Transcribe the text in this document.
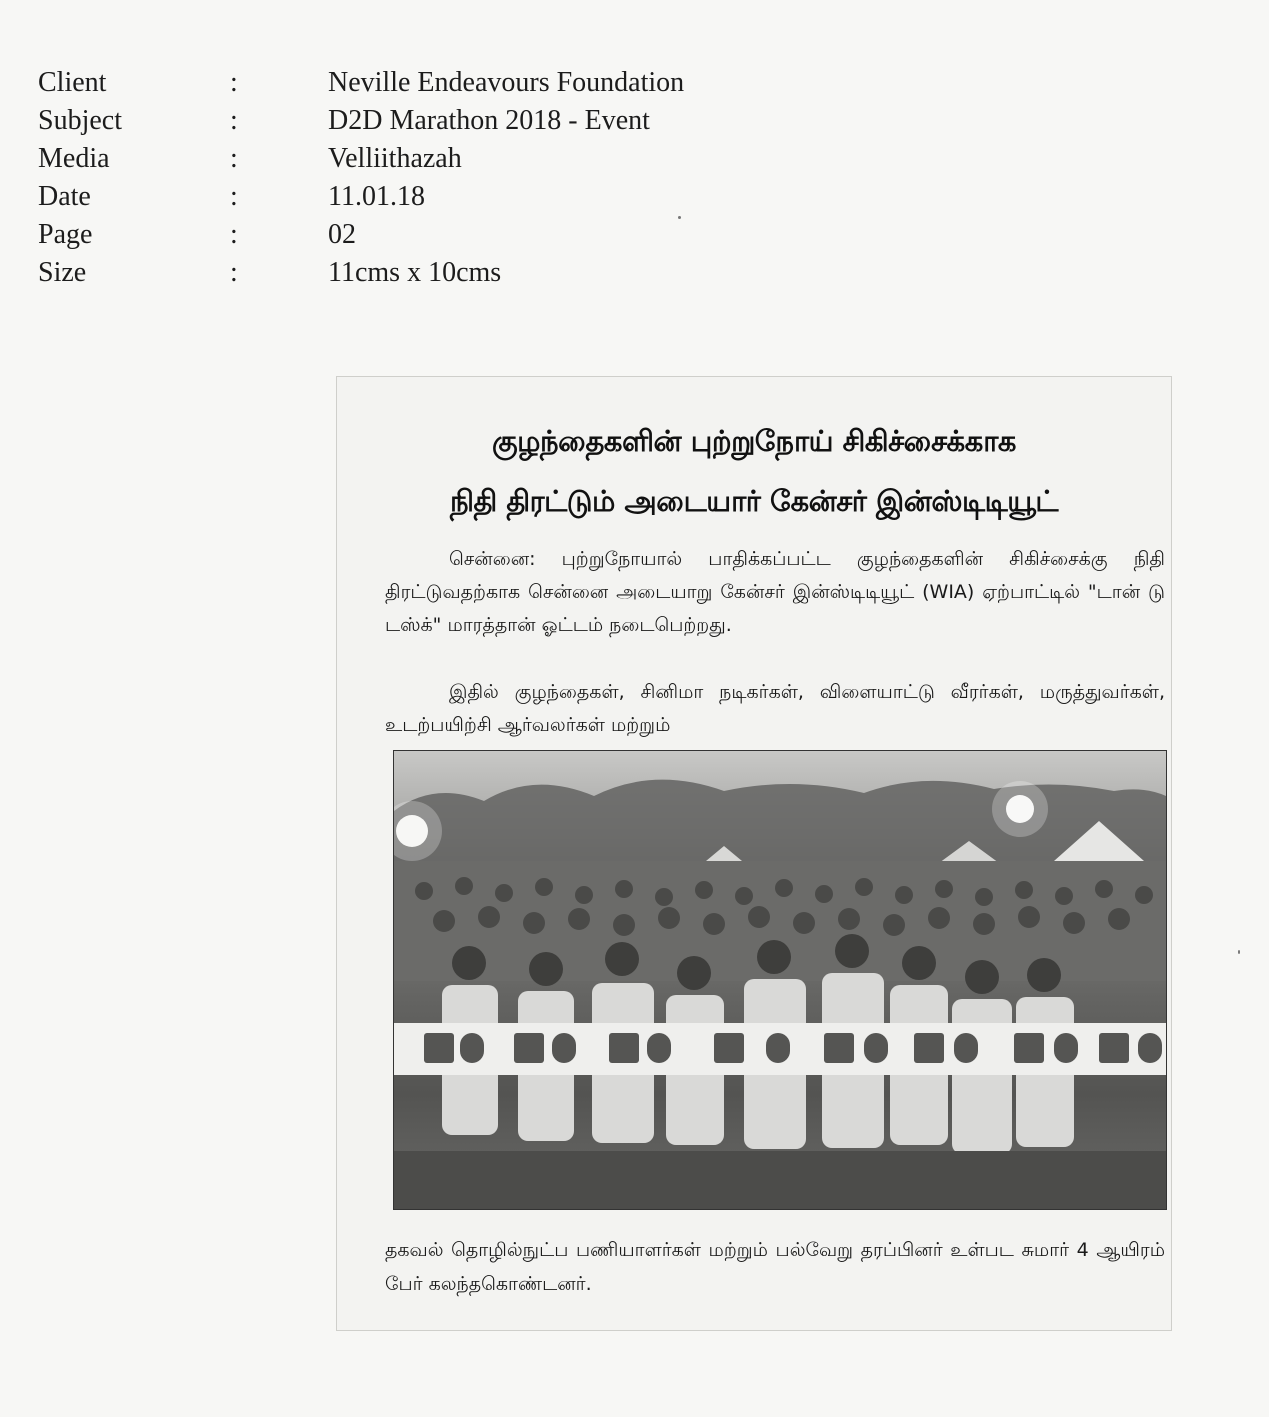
Client	:	Neville Endeavours Foundation
Subject	:	D2D Marathon 2018 - Event
Media	:	Velliithazah
Date	:	11.01.18
Page	:	02
Size	:	11cms x 10cms
குழந்தைகளின் புற்றுநோய் சிகிச்சைக்காக
நிதி திரட்டும் அடையார் கேன்சர் இன்ஸ்டிடியூட்
சென்னை: புற்றுநோயால் பாதிக்கப்பட்ட குழந்தைகளின் சிகிச்சைக்கு நிதி திரட்டுவதற்காக சென்னை அடையாறு கேன்சர் இன்ஸ்டிடியூட் (WIA) ஏற்பாட்டில் "டான் டு டஸ்க்" மாரத்தான் ஓட்டம் நடைபெற்றது.
இதில் குழந்தைகள், சினிமா நடிகர்கள், விளையாட்டு வீரர்கள், மருத்துவர்கள், உடற்பயிற்சி ஆர்வலர்கள் மற்றும்
தகவல் தொழில்நுட்ப பணியாளர்கள் மற்றும் பல்வேறு தரப்பினர் உள்பட சுமார் 4 ஆயிரம் பேர் கலந்தகொண்டனர்.
